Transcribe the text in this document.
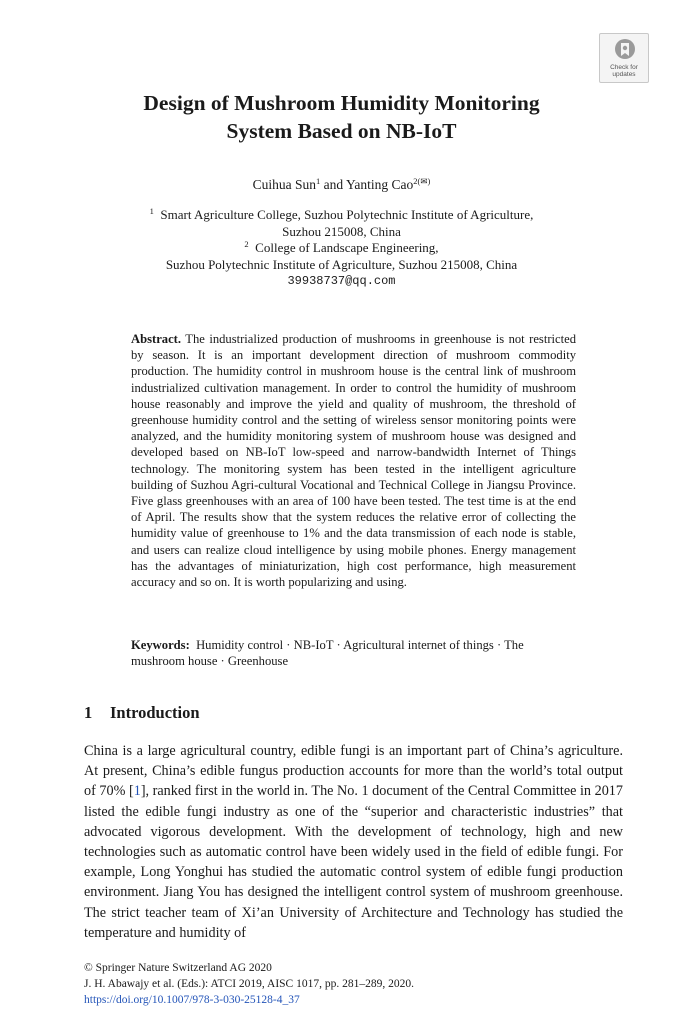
Check for
updates
Design of Mushroom Humidity Monitoring
System Based on NB-IoT
Cuihua Sun$^1$ and Yanting Cao$^{2(✉)}$
$^1$ Smart Agriculture College, Suzhou Polytechnic Institute of Agriculture,
Suzhou 215008, China
$^2$ College of Landscape Engineering,
Suzhou Polytechnic Institute of Agriculture, Suzhou 215008, China
39938737@qq.com
Abstract. The industrialized production of mushrooms in greenhouse is not restricted by season. It is an important development direction of mushroom commodity production. The humidity control in mushroom house is the central link of mushroom industrialized cultivation management. In order to control the humidity of mushroom house reasonably and improve the yield and quality of mushroom, the threshold of greenhouse humidity control and the setting of wireless sensor monitoring points were analyzed, and the humidity monitoring system of mushroom house was designed and developed based on NB-IoT low-speed and narrow-bandwidth Internet of Things technology. The monitoring system has been tested in the intelligent agriculture building of Suzhou Agri-cultural Vocational and Technical College in Jiangsu Province. Five glass greenhouses with an area of 100 have been tested. The test time is at the end of April. The results show that the system reduces the relative error of collecting the humidity value of greenhouse to 1% and the data transmission of each node is stable, and users can realize cloud intelligence by using mobile phones. Energy management has the advantages of miniaturization, high cost performance, high measurement accuracy and so on. It is worth popularizing and using.
Keywords: Humidity control · NB-IoT · Agricultural internet of things · The mushroom house · Greenhouse
1 Introduction
China is a large agricultural country, edible fungi is an important part of China’s agriculture. At present, China’s edible fungus production accounts for more than the world’s total output of 70% [1], ranked first in the world in. The No. 1 document of the Central Committee in 2017 listed the edible fungi industry as one of the “superior and characteristic industries” that advocated vigorous development. With the development of technology, high and new technologies such as automatic control have been widely used in the field of edible fungi. For example, Long Yonghui has studied the automatic control system of edible fungi production environment. Jiang You has designed the intelligent control system of mushroom greenhouse. The strict teacher team of Xi’an University of Architecture and Technology has studied the temperature and humidity of
© Springer Nature Switzerland AG 2020
J. H. Abawajy et al. (Eds.): ATCI 2019, AISC 1017, pp. 281–289, 2020.
https://doi.org/10.1007/978-3-030-25128-4_37
